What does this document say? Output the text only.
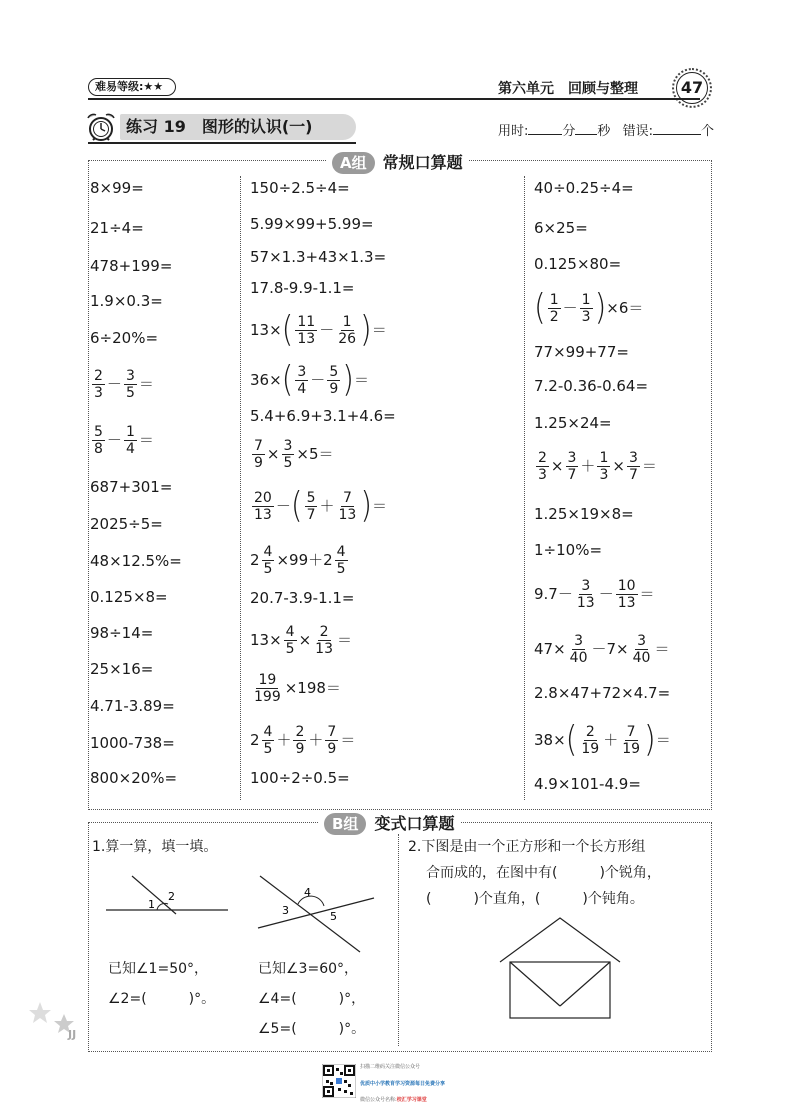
难易等级:★★	第六单元　回顾与整理	47
练习 19　图形的认识(一)	用时:	分 秒 错误:	个
A组 常规口算题
8×99=
21÷4=
478+199=
1.9×0.3=
6÷20%=
2
3 － 3
5 ＝
5
8 － 1
4 ＝
687+301=
2025÷5=
48×12.5%=
0.125×8=
98÷14=
25×16=
4.71-3.89=
1000-738=
800×20%=
150÷2.5÷4=
5.99×99+5.99=
57×1.3+43×1.3=
17.8-9.9-1.1=
13× ( 11
13 － 1
26 ) ＝
36× ( 3
4 － 5
9 ) ＝
5.4+6.9+3.1+4.6=
7
9 × 3
5 ×5＝
20
13 － ( 5
7 ＋ 7
13 ) ＝
2 4
5 ×99＋ 2 4
5
20.7-3.9-1.1=
13× 4
5 × 2
13 ＝
19
199 ×198＝
2 4
5 ＋ 2
9 ＋ 7
9 ＝
100÷2÷0.5=
40÷0.25÷4=
6×25=
0.125×80=
( 1
2 － 1
3 ) ×6＝
77×99+77=
7.2-0.36-0.64=
1.25×24=
2
3 × 3
7 ＋ 1
3 × 3
7 ＝
1.25×19×8=
1÷10%=
9.7－ 3
13 － 10
13 ＝
47× 3
40 －7× 3
40 ＝
2.8×47+72×4.7=
38× ( 2
19 ＋ 7
19 ) ＝
4.9×101-4.9=
B组 变式口算题
1.算一算，填一填。
1
2	4
3	5
已知∠1=50°，
∠2=(　　　)°。
已知∠3=60°，
∠4=(　　　)°，
∠5=(　　　)°。
2.下图是由一个正方形和一个长方形组
合而成的，在图中有(　　　)个锐角，
(　　　)个直角，(　　　)个钝角。
JJ
扫描二维码关注微信公众号
优质中小学教育学习资源每日免费分享
微信公众号名称:校汇学习课堂
